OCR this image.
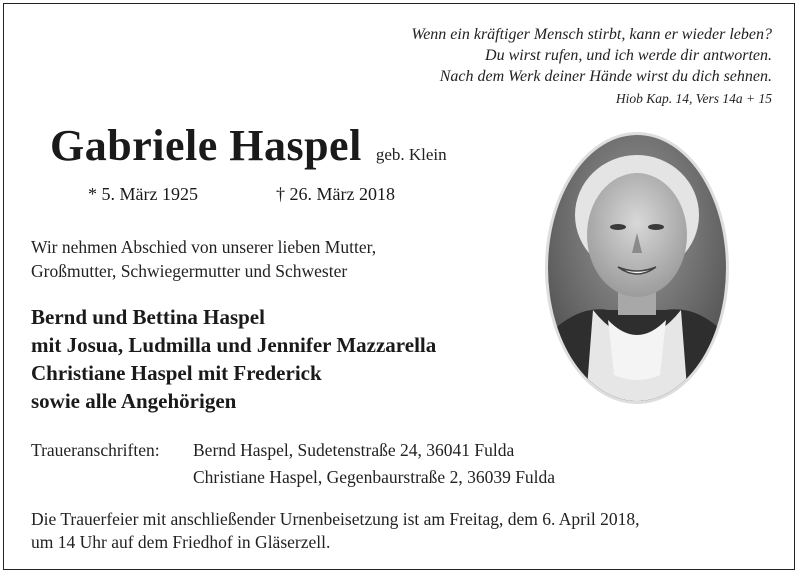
Wenn ein kräftiger Mensch stirbt, kann er wieder leben?
Du wirst rufen, und ich werde dir antworten.
Nach dem Werk deiner Hände wirst du dich sehnen.
Hiob Kap. 14, Vers 14a + 15
Gabriele Haspel geb. Klein
* 5. März 1925	† 26. März 2018
Wir nehmen Abschied von unserer lieben Mutter,
Großmutter, Schwiegermutter und Schwester
Bernd und Bettina Haspel
mit Josua, Ludmilla und Jennifer Mazzarella
Christiane Haspel mit Frederick
sowie alle Angehörigen
Traueranschriften: Bernd Haspel, Sudetenstraße 24, 36041 Fulda
Christiane Haspel, Gegenbaurstraße 2, 36039 Fulda
Die Trauerfeier mit anschließender Urnenbeisetzung ist am Freitag, dem 6. April 2018,
um 14 Uhr auf dem Friedhof in Gläserzell.
